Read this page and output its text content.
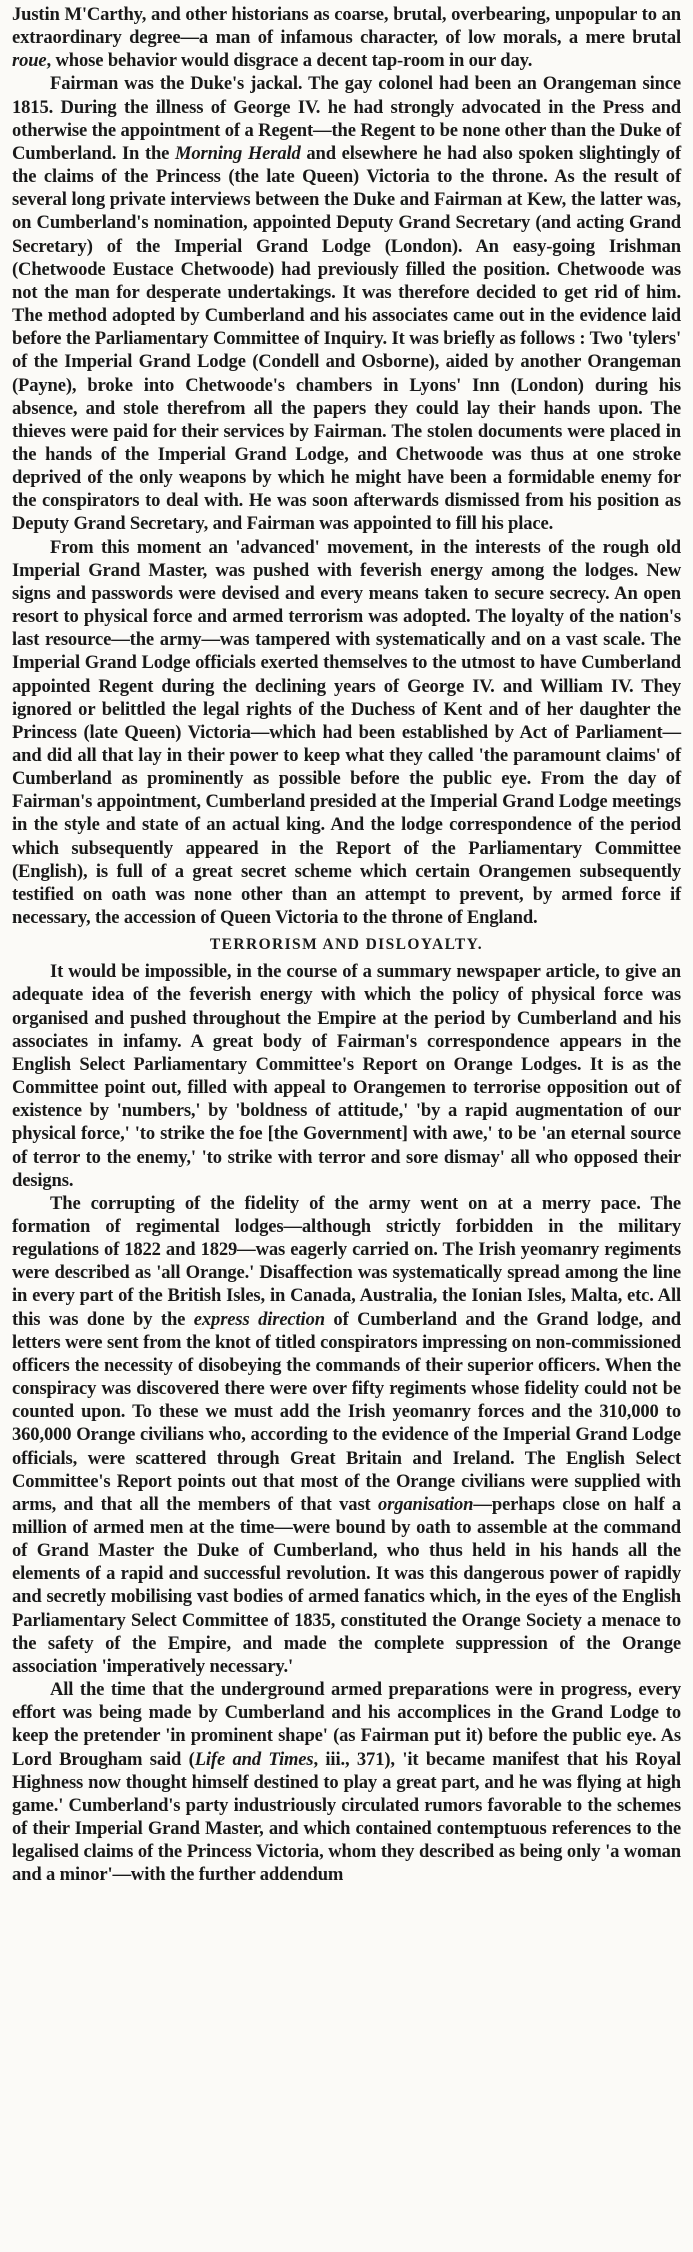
Justin M'Carthy, and other historians as coarse, brutal, overbearing, unpopular to an extraordinary degree—a man of infamous character, of low morals, a mere brutal roue, whose behavior would disgrace a decent tap-room in our day.

Fairman was the Duke's jackal. The gay colonel had been an Orangeman since 1815. During the illness of George IV. he had strongly advocated in the Press and otherwise the appointment of a Regent—the Regent to be none other than the Duke of Cumberland. In the Morning Herald and elsewhere he had also spoken slightingly of the claims of the Princess (the late Queen) Victoria to the throne. As the result of several long private interviews between the Duke and Fairman at Kew, the latter was, on Cumberland's nomination, appointed Deputy Grand Secretary (and acting Grand Secretary) of the Imperial Grand Lodge (London). An easy-going Irishman (Chetwoode Eustace Chetwoode) had previously filled the position. Chetwoode was not the man for desperate undertakings. It was therefore decided to get rid of him. The method adopted by Cumberland and his associates came out in the evidence laid before the Parliamentary Committee of Inquiry. It was briefly as follows : Two 'tylers' of the Imperial Grand Lodge (Condell and Osborne), aided by another Orangeman (Payne), broke into Chetwoode's chambers in Lyons' Inn (London) during his absence, and stole therefrom all the papers they could lay their hands upon. The thieves were paid for their services by Fairman. The stolen documents were placed in the hands of the Imperial Grand Lodge, and Chetwoode was thus at one stroke deprived of the only weapons by which he might have been a formidable enemy for the conspirators to deal with. He was soon afterwards dismissed from his position as Deputy Grand Secretary, and Fairman was appointed to fill his place.

From this moment an 'advanced' movement, in the interests of the rough old Imperial Grand Master, was pushed with feverish energy among the lodges. New signs and passwords were devised and every means taken to secure secrecy. An open resort to physical force and armed terrorism was adopted. The loyalty of the nation's last resource—the army—was tampered with systematically and on a vast scale. The Imperial Grand Lodge officials exerted themselves to the utmost to have Cumberland appointed Regent during the declining years of George IV. and William IV. They ignored or belittled the legal rights of the Duchess of Kent and of her daughter the Princess (late Queen) Victoria—which had been established by Act of Parliament—and did all that lay in their power to keep what they called 'the paramount claims' of Cumberland as prominently as possible before the public eye. From the day of Fairman's appointment, Cumberland presided at the Imperial Grand Lodge meetings in the style and state of an actual king. And the lodge correspondence of the period which subsequently appeared in the Report of the Parliamentary Committee (English), is full of a great secret scheme which certain Orangemen subsequently testified on oath was none other than an attempt to prevent, by armed force if necessary, the accession of Queen Victoria to the throne of England.

TERRORISM AND DISLOYALTY.

It would be impossible, in the course of a summary newspaper article, to give an adequate idea of the feverish energy with which the policy of physical force was organised and pushed throughout the Empire at the period by Cumberland and his associates in infamy. A great body of Fairman's correspondence appears in the English Select Parliamentary Committee's Report on Orange Lodges. It is as the Committee point out, filled with appeal to Orangemen to terrorise opposition out of existence by 'numbers,' by 'boldness of attitude,' 'by a rapid augmentation of our physical force,' 'to strike the foe [the Government] with awe,' to be 'an eternal source of terror to the enemy,' 'to strike with terror and sore dismay' all who opposed their designs.

The corrupting of the fidelity of the army went on at a merry pace. The formation of regimental lodges—although strictly forbidden in the military regulations of 1822 and 1829—was eagerly carried on. The Irish yeomanry regiments were described as 'all Orange.' Disaffection was systematically spread among the line in every part of the British Isles, in Canada, Australia, the Ionian Isles, Malta, etc. All this was done by the express direction of Cumberland and the Grand lodge, and letters were sent from the knot of titled conspirators impressing on non-commissioned officers the necessity of disobeying the commands of their superior officers. When the conspiracy was discovered there were over fifty regiments whose fidelity could not be counted upon. To these we must add the Irish yeomanry forces and the 310,000 to 360,000 Orange civilians who, according to the evidence of the Imperial Grand Lodge officials, were scattered through Great Britain and Ireland. The English Select Committee's Report points out that most of the Orange civilians were supplied with arms, and that all the members of that vast organisation—perhaps close on half a million of armed men at the time—were bound by oath to assemble at the command of Grand Master the Duke of Cumberland, who thus held in his hands all the elements of a rapid and successful revolution. It was this dangerous power of rapidly and secretly mobilising vast bodies of armed fanatics which, in the eyes of the English Parliamentary Select Committee of 1835, constituted the Orange Society a menace to the safety of the Empire, and made the complete suppression of the Orange association 'imperatively necessary.'

All the time that the underground armed preparations were in progress, every effort was being made by Cumberland and his accomplices in the Grand Lodge to keep the pretender 'in prominent shape' (as Fairman put it) before the public eye. As Lord Brougham said (Life and Times, iii., 371), 'it became manifest that his Royal Highness now thought himself destined to play a great part, and he was flying at high game.' Cumberland's party industriously circulated rumors favorable to the schemes of their Imperial Grand Master, and which contained contemptuous references to the legalised claims of the Princess Victoria, whom they described as being only 'a woman and a minor'—with the further addendum
